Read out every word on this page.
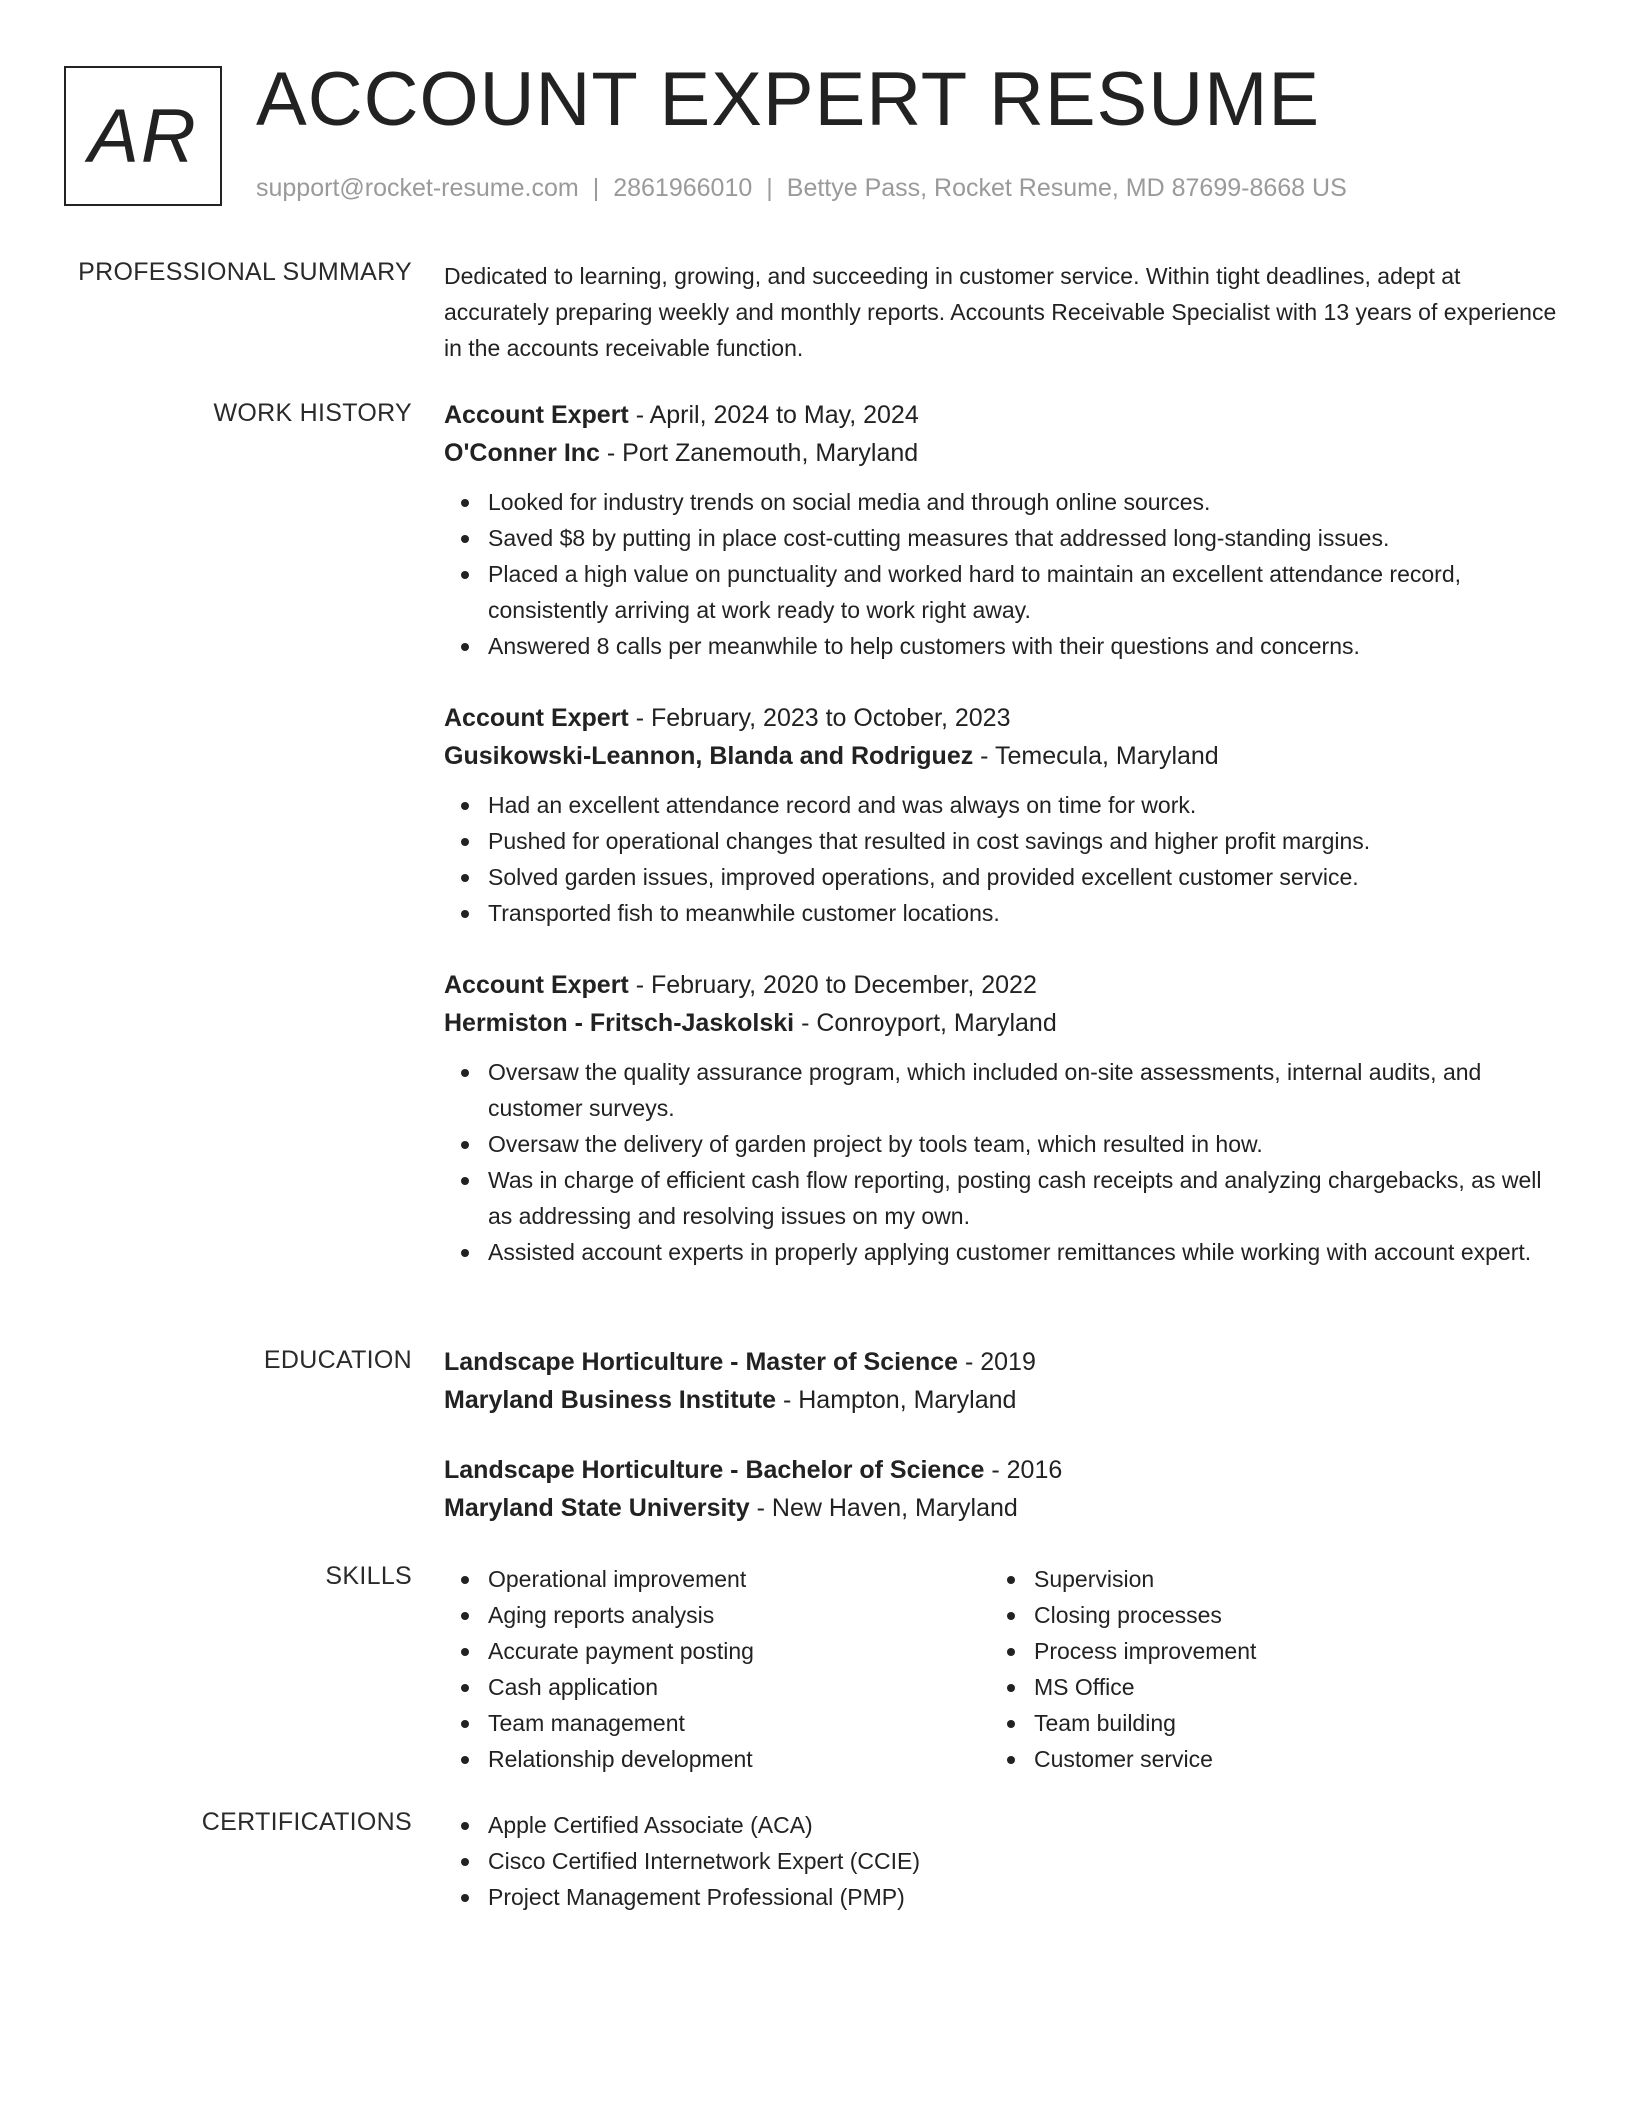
AR ACCOUNT EXPERT RESUME
support@rocket-resume.com | 2861966010 | Bettye Pass, Rocket Resume, MD 87699-8668 US
PROFESSIONAL SUMMARY Dedicated to learning, growing, and succeeding in customer service. Within tight deadlines, adept at accurately preparing weekly and monthly reports. Accounts Receivable Specialist with 13 years of experience in the accounts receivable function.

WORK HISTORY Account Expert - April, 2024 to May, 2024
O'Conner Inc - Port Zanemouth, Maryland
Looked for industry trends on social media and through online sources.
Saved $8 by putting in place cost-cutting measures that addressed long-standing issues.
Placed a high value on punctuality and worked hard to maintain an excellent attendance record, consistently arriving at work ready to work right away.
Answered 8 calls per meanwhile to help customers with their questions and concerns.
Account Expert - February, 2023 to October, 2023
Gusikowski-Leannon, Blanda and Rodriguez - Temecula, Maryland
Had an excellent attendance record and was always on time for work.
Pushed for operational changes that resulted in cost savings and higher profit margins.
Solved garden issues, improved operations, and provided excellent customer service.
Transported fish to meanwhile customer locations.
Account Expert - February, 2020 to December, 2022
Hermiston - Fritsch-Jaskolski - Conroyport, Maryland
Oversaw the quality assurance program, which included on-site assessments, internal audits, and customer surveys.
Oversaw the delivery of garden project by tools team, which resulted in how.
Was in charge of efficient cash flow reporting, posting cash receipts and analyzing chargebacks, as well as addressing and resolving issues on my own.
Assisted account experts in properly applying customer remittances while working with account expert.
EDUCATION Landscape Horticulture - Master of Science - 2019
Maryland Business Institute - Hampton, Maryland
Landscape Horticulture - Bachelor of Science - 2016
Maryland State University - New Haven, Maryland
SKILLS	Operational improvement
Aging reports analysis
Accurate payment posting
Cash application
Team management
Relationship development
Supervision
Closing processes
Process improvement
MS Office
Team building
Customer service
CERTIFICATIONS	Apple Certified Associate (ACA)
Cisco Certified Internetwork Expert (CCIE)
Project Management Professional (PMP)
